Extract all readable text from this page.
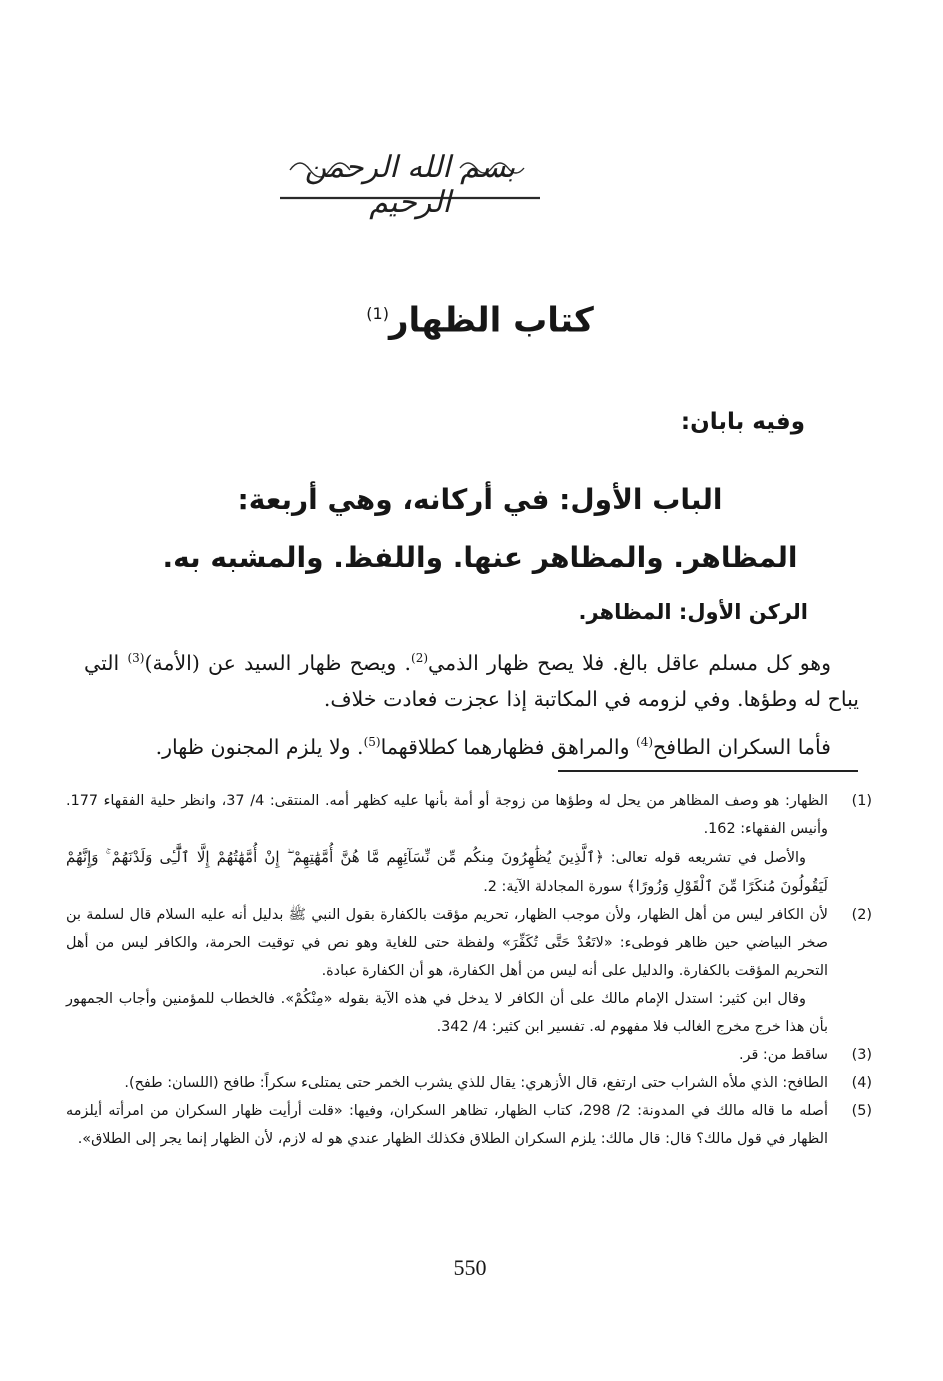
بسم الله الرحمن الرحيم
كتاب الظهار$^{(1)}$
وفيه بابان:
الباب الأول: في أركانه، وهي أربعة:
المظاهر. والمظاهر عنها. واللفظ. والمشبه به.
الركن الأول: المظاهر.
وهو كل مسلم عاقل بالغ. فلا يصح ظهار الذمي$^{(2)}$. ويصح ظهار السيد عن (الأمة)$^{(3)}$ التي يباح له وطؤها. وفي لزومه في المكاتبة إذا عجزت فعادت خلاف.
فأما السكران الطافح$^{(4)}$ والمراهق فظهارهما كطلاقهما$^{(5)}$. ولا يلزم المجنون ظهار.
(1)

الظهار: هو وصف المظاهر من يحل له وطؤها من زوجة أو أمة بأنها عليه كظهر أمه. المنتقى: 4/ 37، وانظر حلية الفقهاء 177. وأنيس الفقهاء: 162.

والأصل في تشريعه قوله تعالى: ﴿ٱلَّذِينَ يُظَٰهِرُونَ مِنكُم مِّن نِّسَآئِهِم مَّا هُنَّ أُمَّهَٰتِهِمْ ۖ إِنْ أُمَّهَٰتُهُمْ إِلَّا ٱلَّٰٓـِٔى وَلَدْنَهُمْ ۚ وَإِنَّهُمْ لَيَقُولُونَ مُنكَرًا مِّنَ ٱلْقَوْلِ وَزُورًا﴾ سورة المجادلة الآية: 2.

(2)

لأن الكافر ليس من أهل الظهار، ولأن موجب الظهار، تحريم مؤقت بالكفارة بقول النبي ﷺ بدليل أنه عليه السلام قال لسلمة بن صخر البياضي حين ظاهر فوطىء: «لاتَعُدْ حَتَّى تُكَفِّرَ» ولفظة حتى للغاية وهو نص في توقيت الحرمة، والكافر ليس من أهل التحريم المؤقت بالكفارة. والدليل على أنه ليس من أهل الكفارة، هو أن الكفارة عبادة.

وقال ابن كثير: استدل الإمام مالك على أن الكافر لا يدخل في هذه الآية بقوله «مِنْكُمْ». فالخطاب للمؤمنين وأجاب الجمهور بأن هذا خرج مخرج الغالب فلا مفهوم له. تفسير ابن كثير: 4/ 342.

(3)

ساقط من: قر.

(4)

الطافح: الذي ملأه الشراب حتى ارتفع، قال الأزهري: يقال للذي يشرب الخمر حتى يمتلىء سكراً: طافح (اللسان: طفح).

(5)

أصله ما قاله مالك في المدونة: 2/ 298، كتاب الظهار، تظاهر السكران، وفيها: «قلت أرأيت ظهار السكران من امرأته أيلزمه الظهار في قول مالك؟ قال: قال مالك: يلزم السكران الطلاق فكذلك الظهار عندي هو له لازم، لأن الظهار إنما يجر إلى الطلاق».

550
